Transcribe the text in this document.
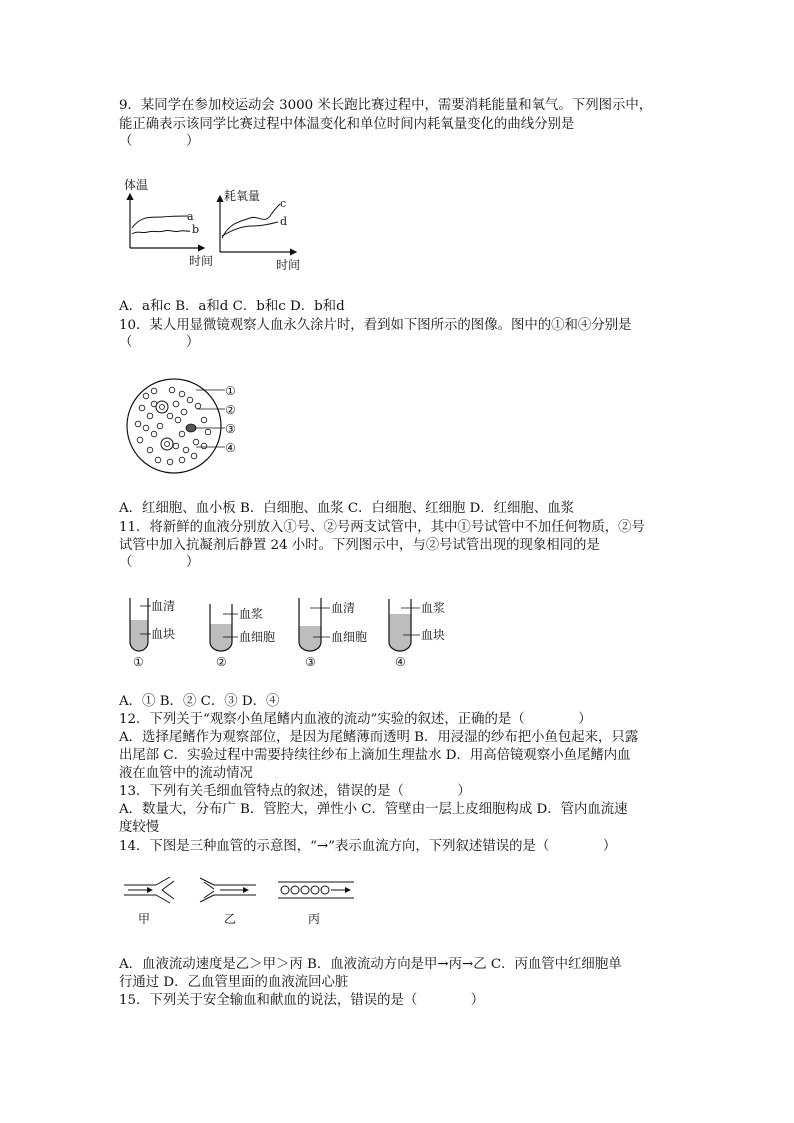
9．某同学在参加校运动会 3000 米长跑比赛过程中，需要消耗能量和氧气。下列图示中，
能正确表示该同学比赛过程中体温变化和单位时间内耗氧量变化的曲线分别是
（　　　　）
体温
时间
a
b
耗氧量
时间
c
d
A．a和c B．a和d C．b和c D．b和d
10．某人用显微镜观察人血永久涂片时，看到如下图所示的图像。图中的①和④分别是
（　　　　）
①
②
③
④
A．红细胞、血小板 B．白细胞、血浆 C．白细胞、红细胞 D．红细胞、血浆
11．将新鲜的血液分别放入①号、②号两支试管中，其中①号试管中不加任何物质，②号
试管中加入抗凝剂后静置 24 小时。下列图示中，与②号试管出现的现象相同的是
（　　　　）
血清
血块
①
血浆
血细胞
②
血清
血细胞
③
血浆
血块
④
A．① B．② C．③ D．④
12．下列关于“观察小鱼尾鳍内血液的流动”实验的叙述，正确的是（　　　　）
A．选择尾鳍作为观察部位，是因为尾鳍薄而透明 B．用浸湿的纱布把小鱼包起来，只露
出尾部 C．实验过程中需要持续往纱布上滴加生理盐水 D．用高倍镜观察小鱼尾鳍内血
液在血管中的流动情况
13．下列有关毛细血管特点的叙述，错误的是（　　　　）
A．数量大，分布广 B．管腔大，弹性小 C．管壁由一层上皮细胞构成 D．管内血流速
度较慢
14．下图是三种血管的示意图，“→”表示血流方向，下列叙述错误的是（　　　　）
甲	乙	丙
A．血液流动速度是乙＞甲＞丙 B．血液流动方向是甲→丙→乙 C．丙血管中红细胞单
行通过 D．乙血管里面的血液流回心脏
15．下列关于安全输血和献血的说法，错误的是（　　　　）
